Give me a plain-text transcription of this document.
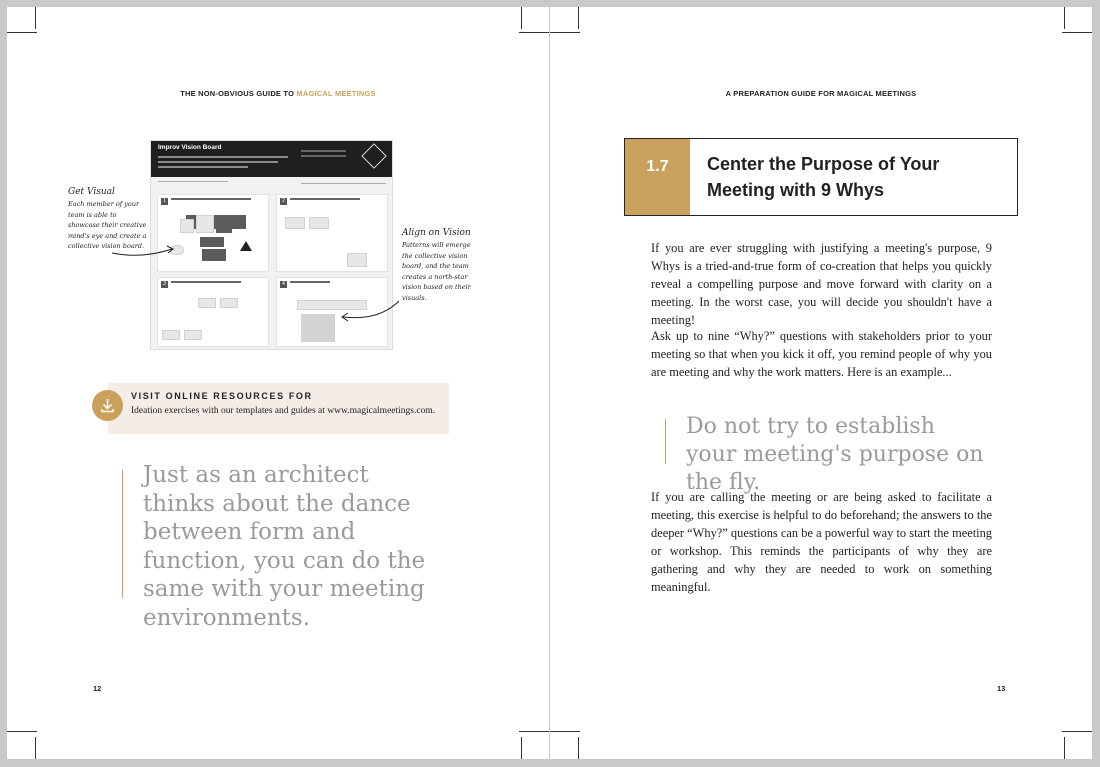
THE NON-OBVIOUS GUIDE TO MAGICAL MEETINGS
Improv Vision Board
1	2
3	4
Get Visual
Each member of your team is able to showcase their creative mind's eye and create a collective vision board.
Align on Vision
Patterns will emerge the collective vision board, and the team creates a north-star vision based on their visuals.
VISIT ONLINE RESOURCES FOR
Ideation exercises with our templates and guides at www.magicalmeetings.com.
Just as an architect thinks about the dance between form and function, you can do the same with your meeting environments.
12
A PREPARATION GUIDE FOR MAGICAL MEETINGS
1.7	Center the Purpose of Your Meeting with 9 Whys

If you are ever struggling with justifying a meeting's purpose, 9 Whys is a tried-and-true form of co-creation that helps you quickly reveal a compelling purpose and move forward with clarity on a meeting. In the worst case, you will decide you shouldn't have a meeting!

Ask up to nine “Why?” questions with stakeholders prior to your meeting so that when you kick it off, you remind people of why you are meeting and why the work matters. Here is an example...

Do not try to establish your meeting's purpose on the fly.

If you are calling the meeting or are being asked to facilitate a meeting, this exercise is helpful to do beforehand; the answers to the deeper “Why?” questions can be a powerful way to start the meeting or workshop. This reminds the participants of why they are gathering and why they are needed to work on something meaningful.

13
